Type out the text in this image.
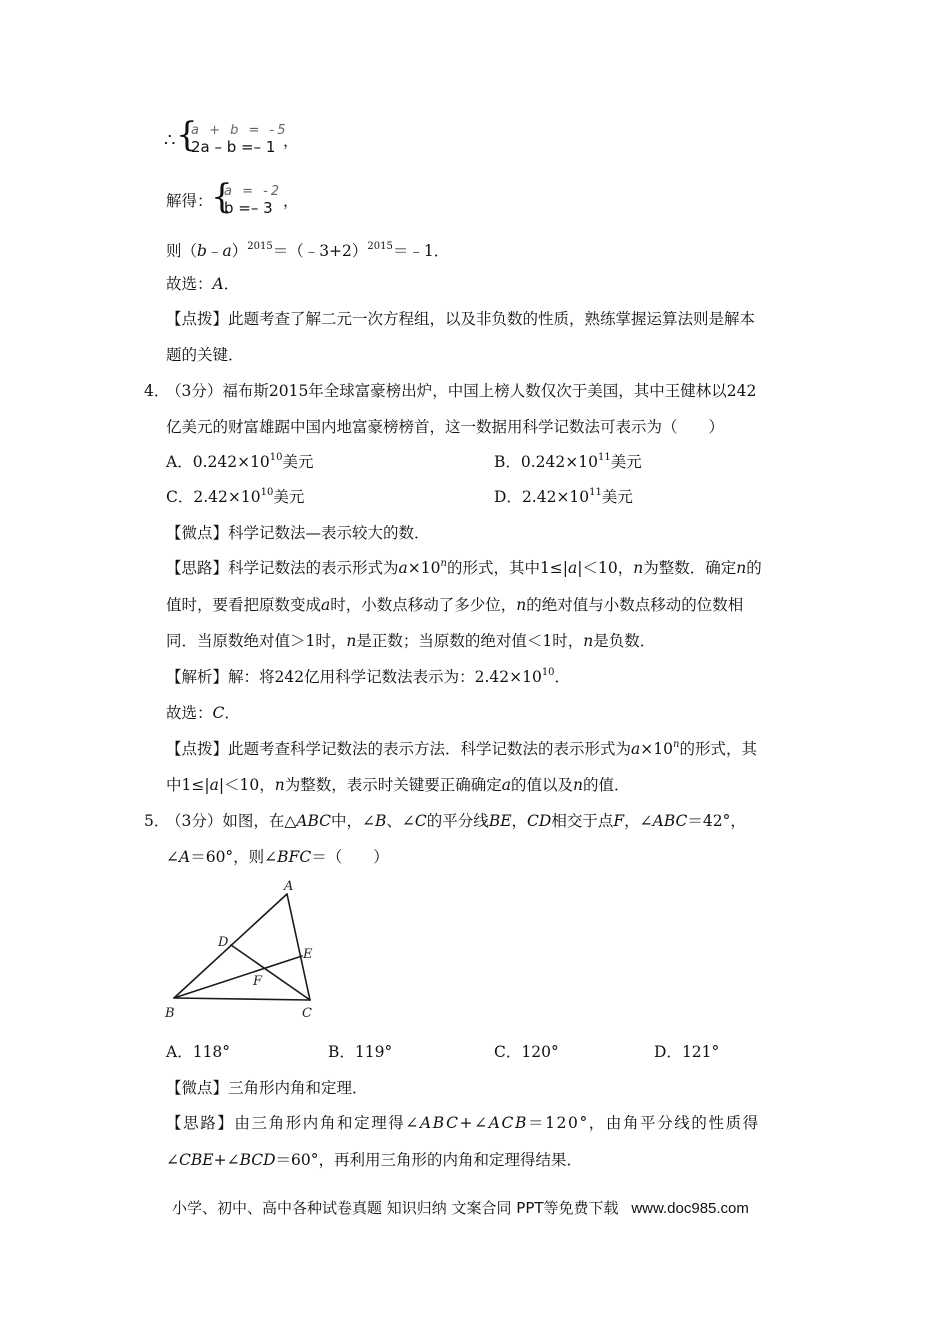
∴ {
a + b = -5
2a – b =– 1 ，
解得：
{
a = -2
b =– 3 ，
则（b﹣a）$^{2015}$＝（﹣3+2）$^{2015}$＝﹣1．
故选：A．
【点拨】此题考查了解二元一次方程组，以及非负数的性质，熟练掌握运算法则是解本
题的关键．
4．
（3分）福布斯2015年全球富豪榜出炉，中国上榜人数仅次于美国，其中王健林以242
亿美元的财富雄踞中国内地富豪榜榜首，这一数据用科学记数法可表示为（　　）
A．$0.242\times 10^{10}$美元	B．$0.242\times 10^{11}$美元
C．$2.42\times 10^{10}$美元	D．$2.42\times 10^{11}$美元
【微点】科学记数法—表示较大的数．
【思路】科学记数法的表示形式为$a\times 10^n$的形式，其中1≤|a|＜10，n为整数．确定n的
值时，要看把原数变成a时，小数点移动了多少位，n的绝对值与小数点移动的位数相
同．当原数绝对值＞1时，n是正数；当原数的绝对值＜1时，n是负数．
【解析】解：将242亿用科学记数法表示为：$2.42\times 10^{10}$．
故选：C．
【点拨】此题考查科学记数法的表示方法．科学记数法的表示形式为$a\times 10^n$的形式，其
中1≤|a|＜10，n为整数，表示时关键要正确确定a的值以及n的值．
5．
（3分）如图，在△ABC中，∠B、∠C的平分线BE，CD相交于点F，∠ABC＝42°，
∠A＝60°，则∠BFC＝（　　）
A
B	C
D
E
F
A．118°	B．119°	C．120°	D．121°
【微点】三角形内角和定理．
【思路】由三角形内角和定理得∠ABC+∠ACB＝120°，由角平分线的性质得
∠CBE+∠BCD＝60°，再利用三角形的内角和定理得结果．
小学、初中、高中各种试卷真题 知识归纳 文案合同 PPT等免费下载 www.doc985.com
